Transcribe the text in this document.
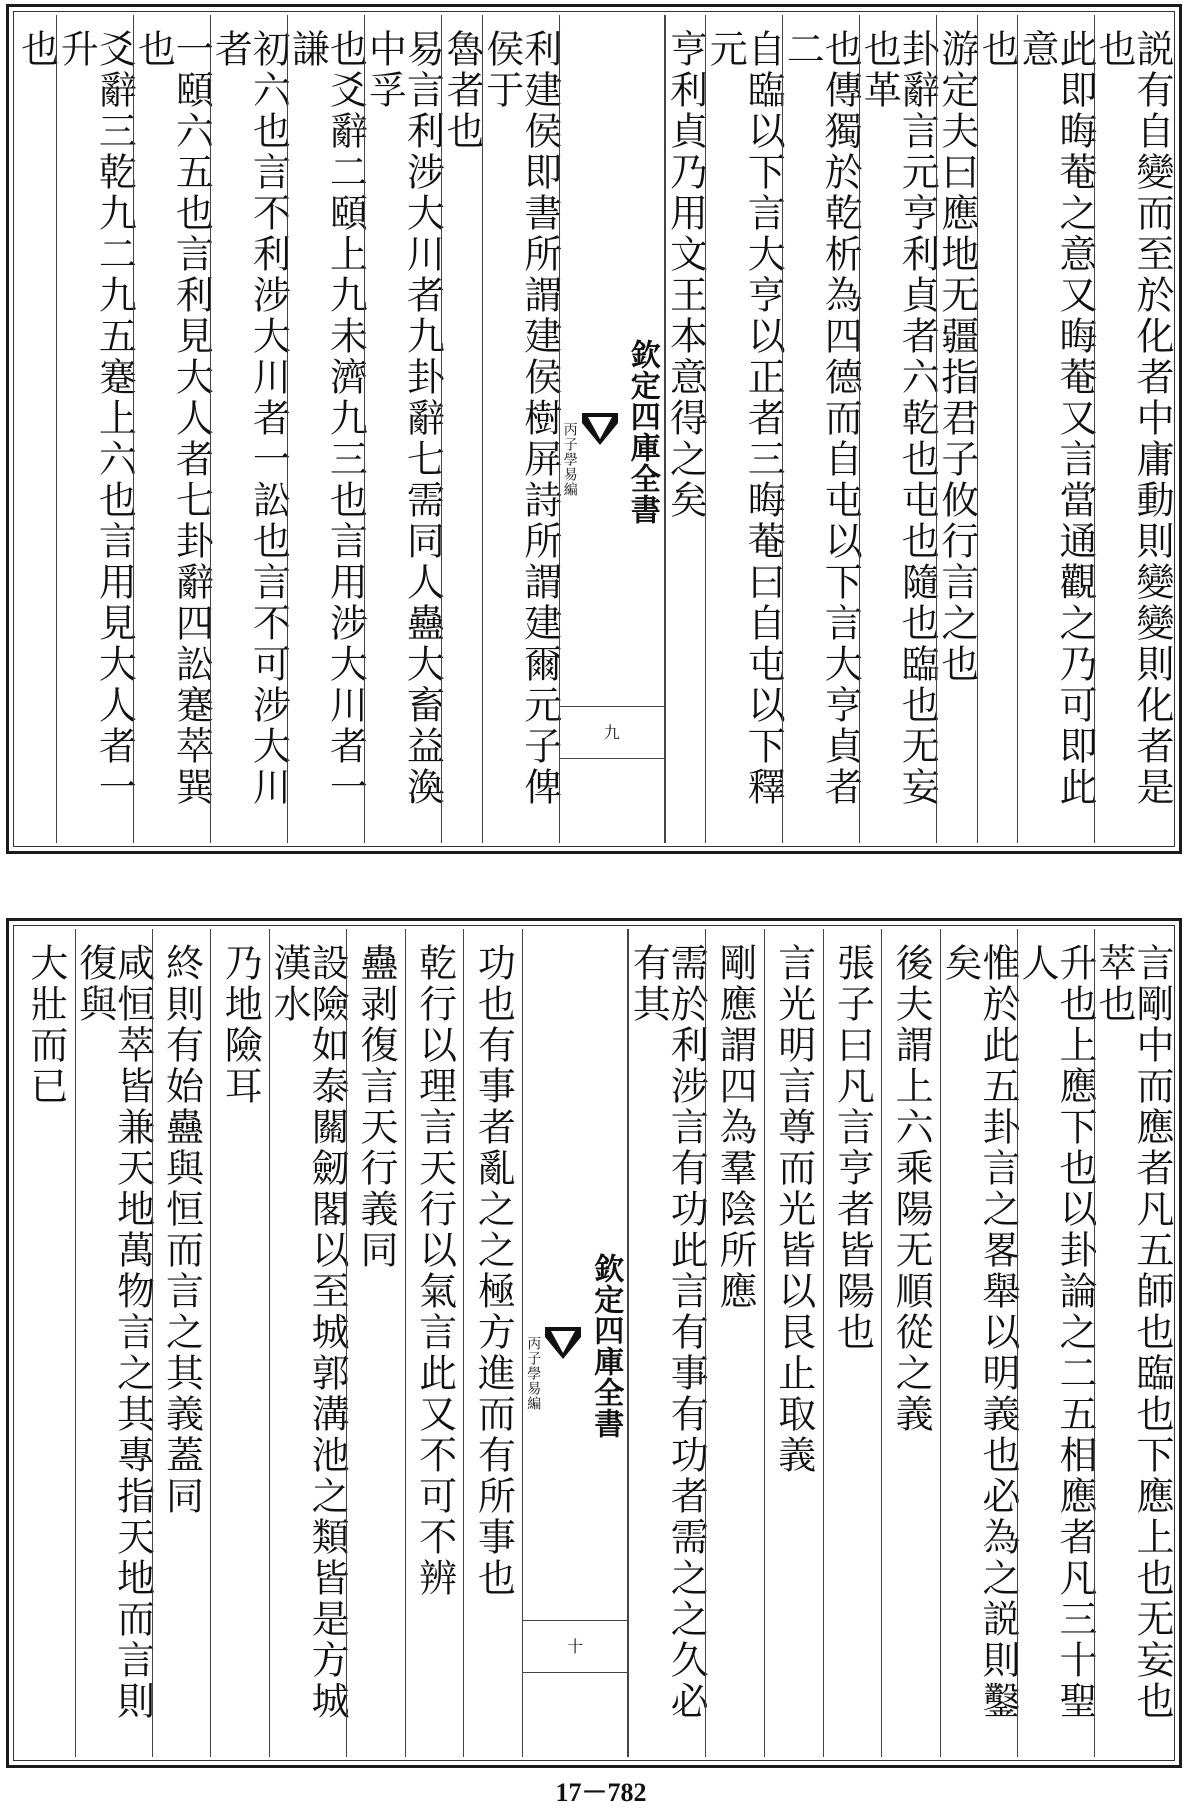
説有自變而至於化者中庸動則變變則化者是也
此即晦菴之意又晦菴又言當通觀之乃可即此意
也
游定夫曰應地无疆指君子攸行言之也
卦辭言元亨利貞者六乾也屯也隨也臨也无妄也革
也傳獨於乾析為四德而自屯以下言大亨貞者二
自臨以下言大亨以正者三晦菴曰自屯以下釋元
亨利貞乃用文王本意得之矣
欽定四庫全書
丙子學易編
九
利建侯即書所謂建侯樹屏詩所謂建爾元子俾侯于
魯者也
易言利涉大川者九卦辭七需同人蠱大畜益渙中孚
也爻辭二頤上九未濟九三也言用涉大川者一謙
初六也言不利涉大川者一訟也言不可涉大川者
一頤六五也言利見大人者七卦辭四訟蹇萃巽也
爻辭三乾九二九五蹇上六也言用見大人者一升
也
言剛中而應者凡五師也臨也下應上也无妄也萃也
升也上應下也以卦論之二五相應者凡三十聖人
惟於此五卦言之畧舉以明義也必為之説則鑿矣
後夫謂上六乘陽无順從之義
張子曰凡言亨者皆陽也
言光明言尊而光皆以艮止取義
剛應謂四為羣陰所應
需於利涉言有功此言有事有功者需之之久必有其
欽定四庫全書
丙子學易編
十
功也有事者亂之之極方進而有所事也
乾行以理言天行以氣言此又不可不辨
蠱剥復言天行義同
設險如泰關劒閣以至城郭溝池之類皆是方城漢水
乃地險耳
終則有始蠱與恒而言之其義蓋同
咸恒萃皆兼天地萬物言之其專指天地而言則復與
大壯而已
17－782
